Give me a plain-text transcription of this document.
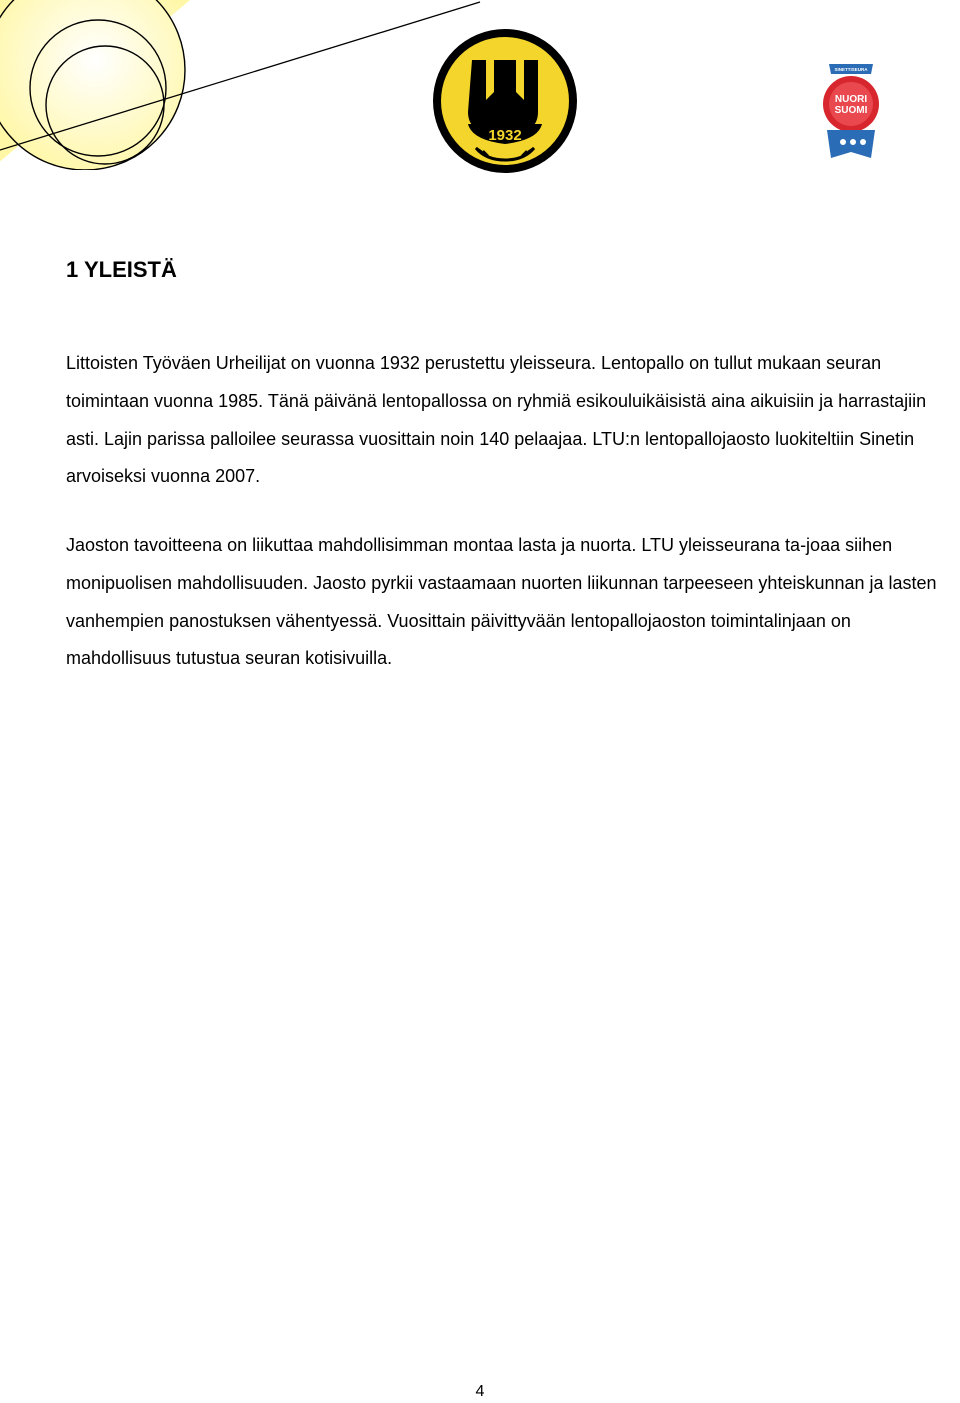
1932
SINETTISEURA
NUORI
SUOMI
1 YLEISTÄ

Littoisten Työväen Urheilijat on vuonna 1932 perustettu yleisseura. Lentopallo on tullut mukaan seuran toimintaan vuonna 1985. Tänä päivänä lentopallossa on ryhmiä esikouluikäisistä aina aikuisiin ja harrastajiin asti. Lajin parissa palloilee seurassa vuosittain noin 140 pelaajaa. LTU:n lentopallojaosto luokiteltiin Sinetin arvoiseksi vuonna 2007.

Jaoston tavoitteena on liikuttaa mahdollisimman montaa lasta ja nuorta. LTU yleisseurana ta-joaa siihen monipuolisen mahdollisuuden. Jaosto pyrkii vastaamaan nuorten liikunnan tarpeeseen yhteiskunnan ja lasten vanhempien panostuksen vähentyessä. Vuosittain päivittyvään lentopallojaoston toimintalinjaan on mahdollisuus tutustua seuran kotisivuilla.

4
